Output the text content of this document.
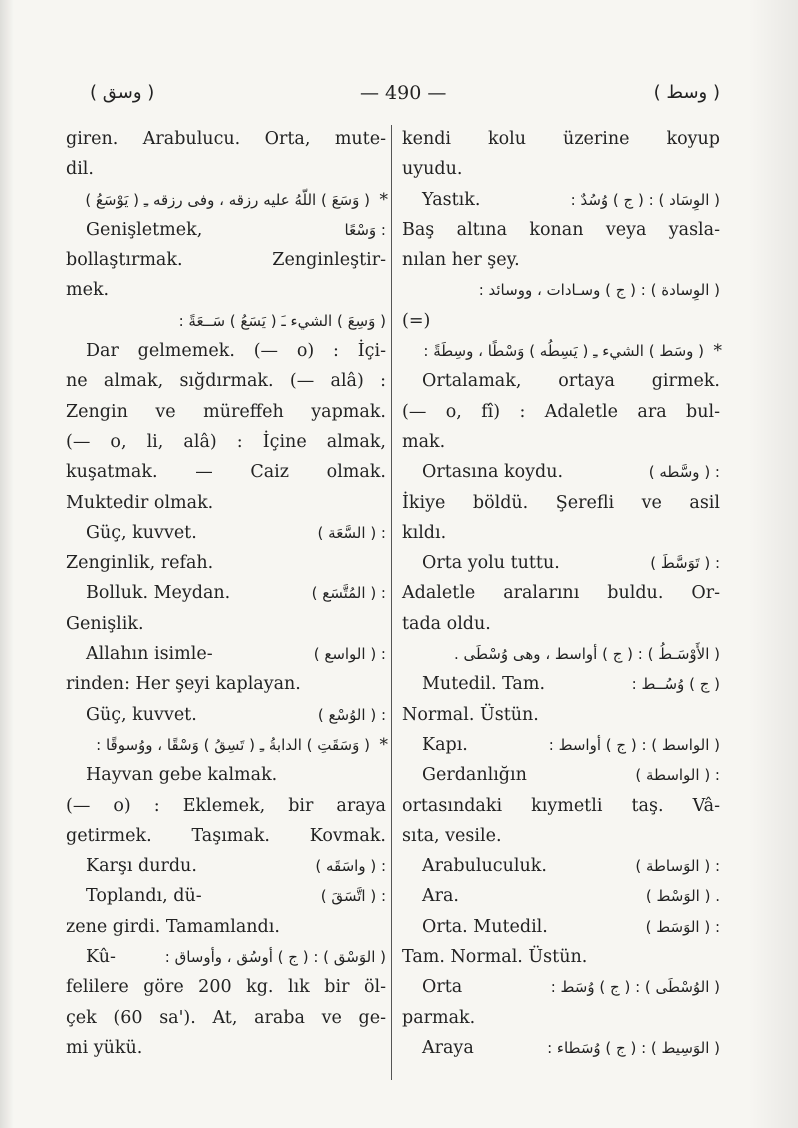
( وسق )	— 490 —	( وسط )
giren. Arabulucu. Orta, mute-
dil.
( وَسَعَ ) اللّهُ عليه رزقه ، وفى رزقه ـِ ( يَوْسَعُ ) *
Genişletmek,	: وَسْعًا
bollaştırmak. Zenginleştir-
mek.
( وَسِعَ ) الشيء ـَ ( يَسَعُ ) سَــعَةً :
Dar gelmemek. (— o) : İçi-
ne almak, sığdırmak. (— alâ) :
Zengin ve müreffeh yapmak.
(— o, li, alâ) : İçine almak,
kuşatmak. — Caiz olmak.
Muktedir olmak.
Güç, kuvvet.	: ( السَّعَة )
Zenginlik, refah.
Bolluk. Meydan.	: ( المُتَّسَع )
Genişlik.
Allahın isimle-	: ( الواسع )
rinden: Her şeyi kaplayan.
Güç, kuvvet.	: ( الوُسْع )
( وَسَقَتِ ) الدابةُ ـِ ( تَسِقُ ) وَسْقًا ، ووُسوقًا : *
Hayvan gebe kalmak.
(— o) : Eklemek, bir araya
getirmek. Taşımak. Kovmak.
Karşı durdu.	: ( واسَقَه )
Toplandı, dü-	: ( اتَّسَقَ )
zene girdi. Tamamlandı.
Kû-	( الوَسْق ) : ( ج ) أوسُق ، وأوساق :
felilere göre 200 kg. lık bir öl-
çek (60 sa'). At, araba ve ge-
mi yükü.
kendi kolu üzerine koyup
uyudu.
Yastık.	( الوِسَاد ) : ( ج ) وُسُدٌ :
Baş altına konan veya yasla-
nılan her şey.
( الوِسادة ) : ( ج ) وسـادات ، ووسائد :
(=)
( وسَط ) الشيء ـِ ( يَسِطُه ) وَسْطًا ، وسِطَةً : *
Ortalamak, ortaya girmek.
(— o, fî) : Adaletle ara bul-
mak.
Ortasına koydu.	: ( وسَّطه )
İkiye böldü. Şerefli ve asil
kıldı.
Orta yolu tuttu.	: ( تَوَسَّطَ )
Adaletle aralarını buldu. Or-
tada oldu.
( الأَوْسَـطُ ) : ( ج ) أواسط ، وهى وُسْطَى .
Mutedil. Tam.	( ج ) وُسُــط :
Normal. Üstün.
Kapı.	( الواسط ) : ( ج ) أواسط :
Gerdanlığın	: ( الواسطة )
ortasındaki kıymetli taş. Vâ-
sıta, vesile.
Arabuluculuk.	: ( الوَساطة )
Ara.	. ( الوَسْط )
Orta. Mutedil.	: ( الوَسَط )
Tam. Normal. Üstün.
Orta	( الوُسْطَى ) : ( ج ) وُسَط :
parmak.
Araya	( الوَسِيط ) : ( ج ) وُسَطاء :
